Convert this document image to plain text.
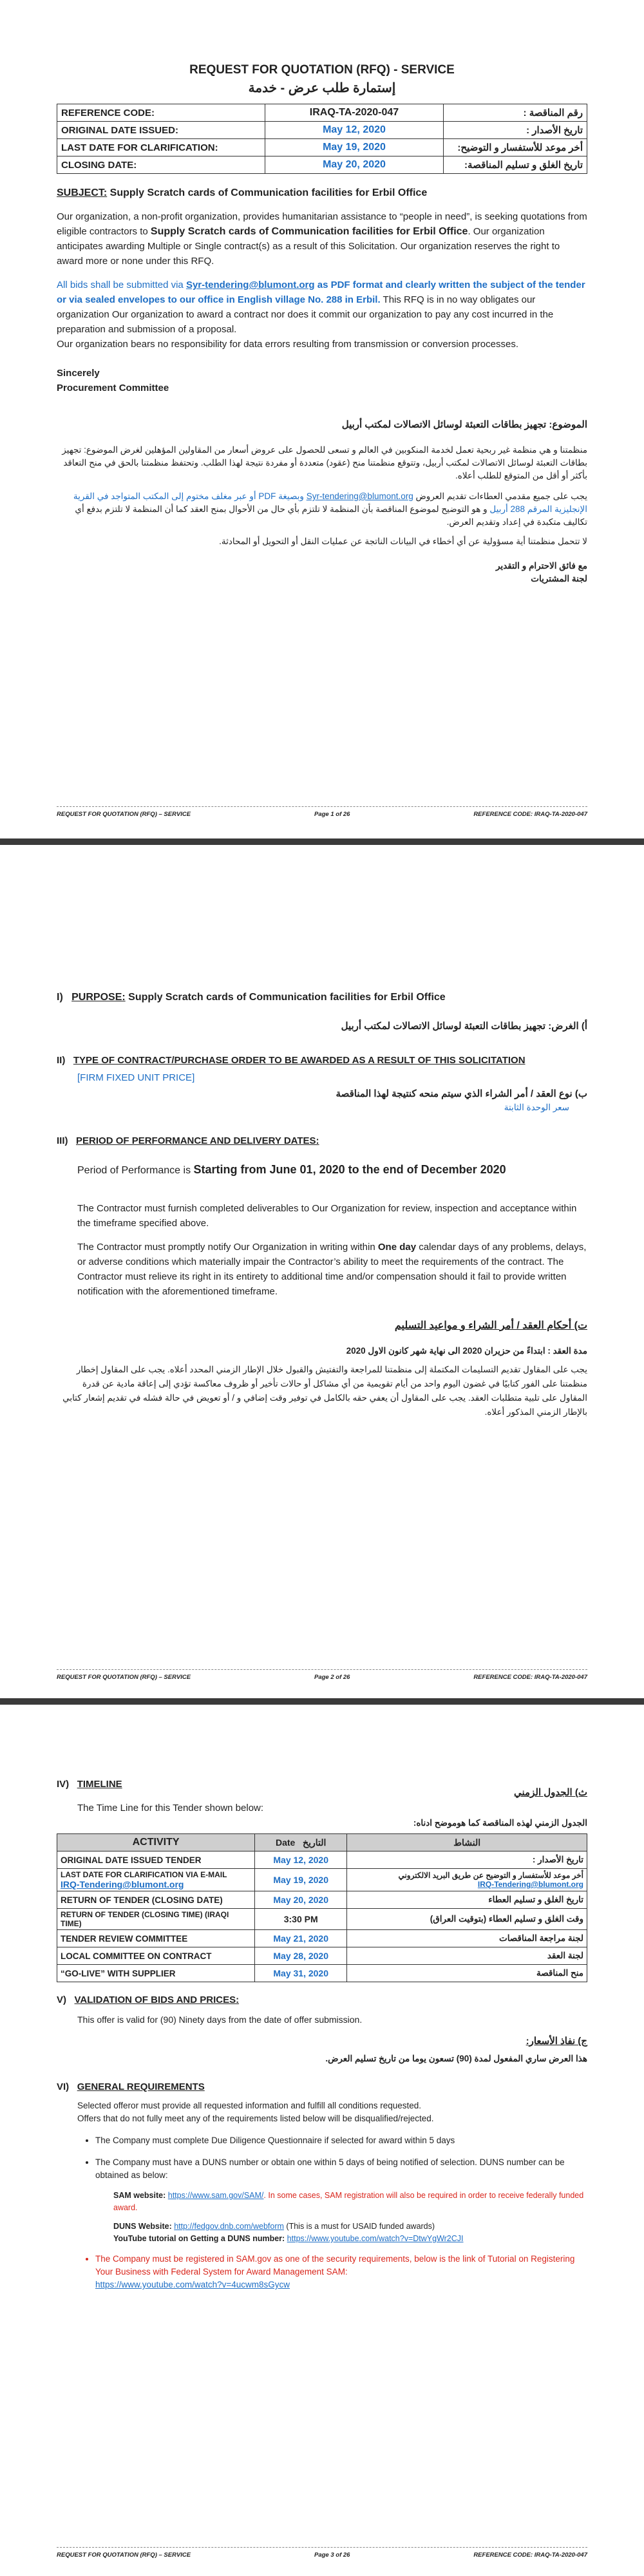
REQUEST FOR QUOTATION (RFQ) - SERVICE
إستمارة طلب عرض - خدمة
REFERENCE CODE:	IRAQ-TA-2020-047	رقم المناقصة :
ORIGINAL DATE ISSUED:	May 12, 2020	تاريخ الأصدار :
LAST DATE FOR CLARIFICATION:	May 19, 2020	أخر موعد للأستفسار و التوضيح:
CLOSING DATE:	May 20, 2020	تاريخ الغلق و تسليم المناقصة:

SUBJECT: Supply Scratch cards of Communication facilities for Erbil Office

Our organization, a non-profit organization, provides humanitarian assistance to “people in need”, is seeking quotations from eligible contractors to Supply Scratch cards of Communication facilities for Erbil Office. Our organization anticipates awarding Multiple or Single contract(s) as a result of this Solicitation. Our organization reserves the right to award more or none under this RFQ.

All bids shall be submitted via Syr-tendering@blumont.org as PDF format and clearly written the subject of the tender or via sealed envelopes to our office in English village No. 288 in Erbil. This RFQ is in no way obligates our organization Our organization to award a contract nor does it commit our organization to pay any cost incurred in the preparation and submission of a proposal.

Our organization bears no responsibility for data errors resulting from transmission or conversion processes.

Sincerely

Procurement Committee

الموضوع: تجهيز بطاقات التعبئة لوسائل الاتصالات لمكتب أربيل

منظمتنا و هي منظمة غير ربحية تعمل لخدمة المنكوبين في العالم و تسعى للحصول على عروض أسعار من المقاولين المؤهلين لغرض الموضوع: تجهيز بطاقات التعبئة لوسائل الاتصالات لمكتب أربيل، وتتوقع منظمتنا منح (عقود) متعددة أو مفردة نتيجة لهذا الطلب. وتحتفظ منظمتنا بالحق في منح التعاقد بأكثر أو أقل من المتوقع للطلب أعلاه.

يجب على جميع مقدمي العطاءات تقديم العروض Syr-tendering@blumont.org وبصيغة PDF أو عبر مغلف مختوم إلى المكتب المتواجد في القرية الإنجليزية المرقم 288 أربيل و هو التوضيح لموضوع المناقصة بأن المنظمة لا تلتزم بأي حال من الأحوال بمنح العقد كما أن المنظمة لا تلتزم بدفع أي تكاليف متكبدة في إعداد وتقديم العرض.

لا تتحمل منظمتنا أية مسؤولية عن أي أخطاء في البيانات الناتجة عن عمليات النقل أو التحويل أو المحادثة.

مع فائق الاحترام و التقدير

لجنة المشتريات

REQUEST FOR QUOTATION (RFQ) – SERVICE	Page 1 of 26	REFERENCE CODE: IRAQ-TA-2020-047

I) PURPOSE: Supply Scratch cards of Communication facilities for Erbil Office

أ) الغرض: تجهيز بطاقات التعبئة لوسائل الاتصالات لمكتب أربيل

II) TYPE OF CONTRACT/PURCHASE ORDER TO BE AWARDED AS A RESULT OF THIS SOLICITATION

[FIRM FIXED UNIT PRICE]

ب) نوع العقد / أمر الشراء الذي سيتم منحه كنتيجة لهذا المناقصة

سعر الوحدة الثابتة

III) PERIOD OF PERFORMANCE AND DELIVERY DATES:

Period of Performance is Starting from June 01, 2020 to the end of December 2020

The Contractor must furnish completed deliverables to Our Organization for review, inspection and acceptance within the timeframe specified above.

The Contractor must promptly notify Our Organization in writing within One day calendar days of any problems, delays, or adverse conditions which materially impair the Contractor’s ability to meet the requirements of the contract. The Contractor must relieve its right in its entirety to additional time and/or compensation should it fail to provide written notification with the aforementioned timeframe.

ت) أحكام العقد / أمر الشراء و مواعيد التسليم

مدة العقد : ابتداءً من حزيران 2020 الى نهاية شهر كانون الاول 2020

يجب على المقاول تقديم التسليمات المكتملة إلى منظمتنا للمراجعة والتفتيش والقبول خلال الإطار الزمني المحدد أعلاه. يجب على المقاول إخطار منظمتنا على الفور كتابيًا في غضون اليوم واحد من أيام تقويمية من أي مشاكل أو حالات تأخير أو ظروف معاكسة تؤدي إلى إعاقة مادية عن قدرة المقاول على تلبية متطلبات العقد. يجب على المقاول أن يعفي حقه بالكامل في توفير وقت إضافي و / أو تعويض في حالة فشله في تقديم إشعار كتابي بالإطار الزمني المذكور أعلاه.

REQUEST FOR QUOTATION (RFQ) – SERVICE	Page 2 of 26	REFERENCE CODE: IRAQ-TA-2020-047
IV) TIMELINE
ث) الجدول الزمني

The Time Line for this Tender shown below:

الجدول الزمني لهذه المناقصة كما هوموضح ادناه:

ACTIVITY	Date التاريخ	النشاط
ORIGINAL DATE ISSUED TENDER	May 12, 2020	تاريخ الأصدار :

LAST DATE FOR CLARIFICATION VIA E-MAIL
IRQ-Tendering@blumont.org	May 19, 2020	أخر موعد للأستفسار و التوضيح عن طريق البريد الالكتروني
IRQ-Tendering@blumont.org
RETURN OF TENDER (CLOSING DATE)	May 20, 2020	تاريخ الغلق و تسليم العطاء
RETURN OF TENDER (CLOSING TIME) (IRAQI TIME)	3:30 PM	وقت الغلق و تسليم العطاء (بتوقيت العراق)
TENDER REVIEW COMMITTEE	May 21, 2020	لجنة مراجعة المناقصات
LOCAL COMMITTEE ON CONTRACT	May 28, 2020	لجنة العقد
“GO-LIVE” WITH SUPPLIER	May 31, 2020	منح المناقصة

V) VALIDATION OF BIDS AND PRICES:

This offer is valid for (90) Ninety days from the date of offer submission.

ج) نفاذ الأسعار:

هذا العرض ساري المفعول لمدة (90) تسعون يوما من تاريخ تسليم العرض.

VI) GENERAL REQUIREMENTS

Selected offeror must provide all requested information and fulfill all conditions requested.

Offers that do not fully meet any of the requirements listed below will be disqualified/rejected.

• The Company must complete Due Diligence Questionnaire if selected for award within 5 days
• The Company must have a DUNS number or obtain one within 5 days of being notified of selection. DUNS number can be obtained as below:
SAM website: https://www.sam.gov/SAM/. In some cases, SAM registration will also be required in order to receive federally funded award.
DUNS Website: http://fedgov.dnb.com/webform (This is a must for USAID funded awards)
YouTube tutorial on Getting a DUNS number: https://www.youtube.com/watch?v=DtwYgWr2CJI
• The Company must be registered in SAM.gov as one of the security requirements, below is the link of Tutorial on Registering Your Business with Federal System for Award Management SAM:
https://www.youtube.com/watch?v=4ucwm8sGycw
REQUEST FOR QUOTATION (RFQ) – SERVICE	Page 3 of 26	REFERENCE CODE: IRAQ-TA-2020-047
